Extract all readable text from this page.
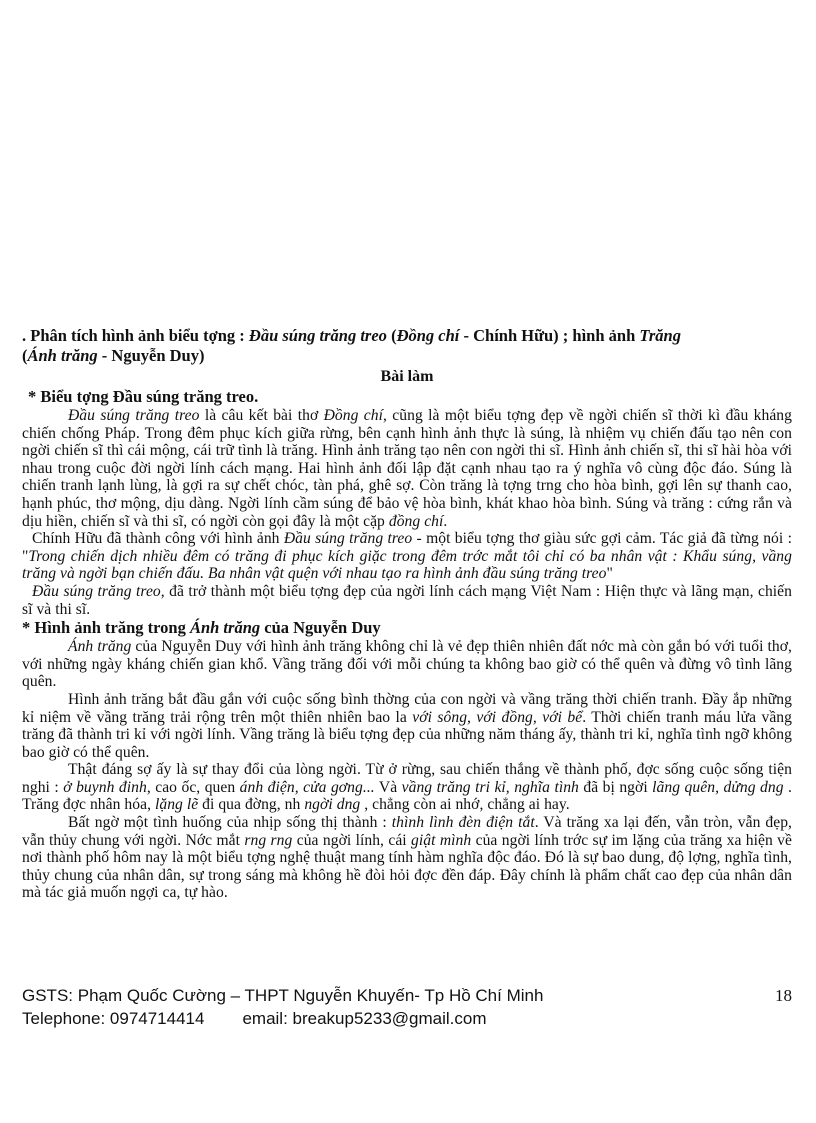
. Phân tích hình ảnh biểu tợng : Đầu súng trăng treo (Đồng chí - Chính Hữu) ; hình ảnh Trăng
(Ánh trăng - Nguyễn Duy)

Bài làm

* Biểu tợng Đầu súng trăng treo.

Đầu súng trăng treo là câu kết bài thơ Đồng chí, cũng là một biểu tợng đẹp về ngời chiến sĩ thời kì đầu kháng chiến chống Pháp. Trong đêm phục kích giữa rừng, bên cạnh hình ảnh thực là súng, là nhiệm vụ chiến đấu tạo nên con ngời chiến sĩ thì cái mộng, cái trữ tình là trăng. Hình ảnh trăng tạo nên con ngời thi sĩ. Hình ảnh chiến sĩ, thi sĩ hài hòa với nhau trong cuộc đời ngời lính cách mạng. Hai hình ảnh đối lập đặt cạnh nhau tạo ra ý nghĩa vô cùng độc đáo. Súng là chiến tranh lạnh lùng, là gợi ra sự chết chóc, tàn phá, ghê sợ. Còn trăng là tợng trng cho hòa bình, gợi lên sự thanh cao, hạnh phúc, thơ mộng, dịu dàng. Ngời lính cầm súng để bảo vệ hòa bình, khát khao hòa bình. Súng và trăng : cứng rắn và dịu hiền, chiến sĩ và thi sĩ, có ngời còn gọi đây là một cặp đồng chí.

Chính Hữu đã thành công với hình ảnh Đầu súng trăng treo - một biểu tợng thơ giàu sức gợi cảm. Tác giả đã từng nói : "Trong chiến dịch nhiều đêm có trăng đi phục kích giặc trong đêm trớc mắt tôi chỉ có ba nhân vật : Khẩu súng, vầng trăng và ngời bạn chiến đấu. Ba nhân vật quện với nhau tạo ra hình ảnh đầu súng trăng treo"

Đầu súng trăng treo, đã trở thành một biểu tợng đẹp của ngời lính cách mạng Việt Nam : Hiện thực và lãng mạn, chiến sĩ và thi sĩ.

* Hình ảnh trăng trong Ánh trăng của Nguyễn Duy

Ánh trăng của Nguyễn Duy với hình ảnh trăng không chỉ là vẻ đẹp thiên nhiên đất nớc mà còn gắn bó với tuổi thơ, với những ngày kháng chiến gian khổ. Vầng trăng đối với mỗi chúng ta không bao giờ có thể quên và đừng vô tình lãng quên.

Hình ảnh trăng bắt đầu gắn với cuộc sống bình thờng của con ngời và vầng trăng thời chiến tranh. Đầy ắp những kỉ niệm về vầng trăng trải rộng trên một thiên nhiên bao la với sông, với đồng, với bể. Thời chiến tranh máu lửa vầng trăng đã thành tri kỉ với ngời lính. Vầng trăng là biểu tợng đẹp của những năm tháng ấy, thành tri kỉ, nghĩa tình ngỡ không bao giờ có thể quên.

Thật đáng sợ ấy là sự thay đổi của lòng ngời. Từ ở rừng, sau chiến thắng về thành phố, đợc sống cuộc sống tiện nghi : ở buynh đinh, cao ốc, quen ánh điện, cửa gơng... Và vầng trăng tri kỉ, nghĩa tình đã bị ngời lãng quên, dửng dng . Trăng đợc nhân hóa, lặng lẽ đi qua đờng, nh ngời dng , chẳng còn ai nhớ, chẳng ai hay.

Bất ngờ một tình huống của nhịp sống thị thành : thình lình đèn điện tắt. Và trăng xa lại đến, vẫn tròn, vẫn đẹp, vẫn thủy chung với ngời. Nớc mắt rng rng của ngời lính, cái giật mình của ngời lính trớc sự im lặng của trăng xa hiện về nơi thành phố hôm nay là một biểu tợng nghệ thuật mang tính hàm nghĩa độc đáo. Đó là sự bao dung, độ lợng, nghĩa tình, thủy chung của nhân dân, sự trong sáng mà không hề đòi hỏi đợc đền đáp. Đây chính là phẩm chất cao đẹp của nhân dân mà tác giả muốn ngợi ca, tự hào.

GSTS: Phạm Quốc Cường – THPT Nguyễn Khuyến- Tp Hồ Chí Minh	18
Telephone: 0974714414 email: breakup5233@gmail.com
